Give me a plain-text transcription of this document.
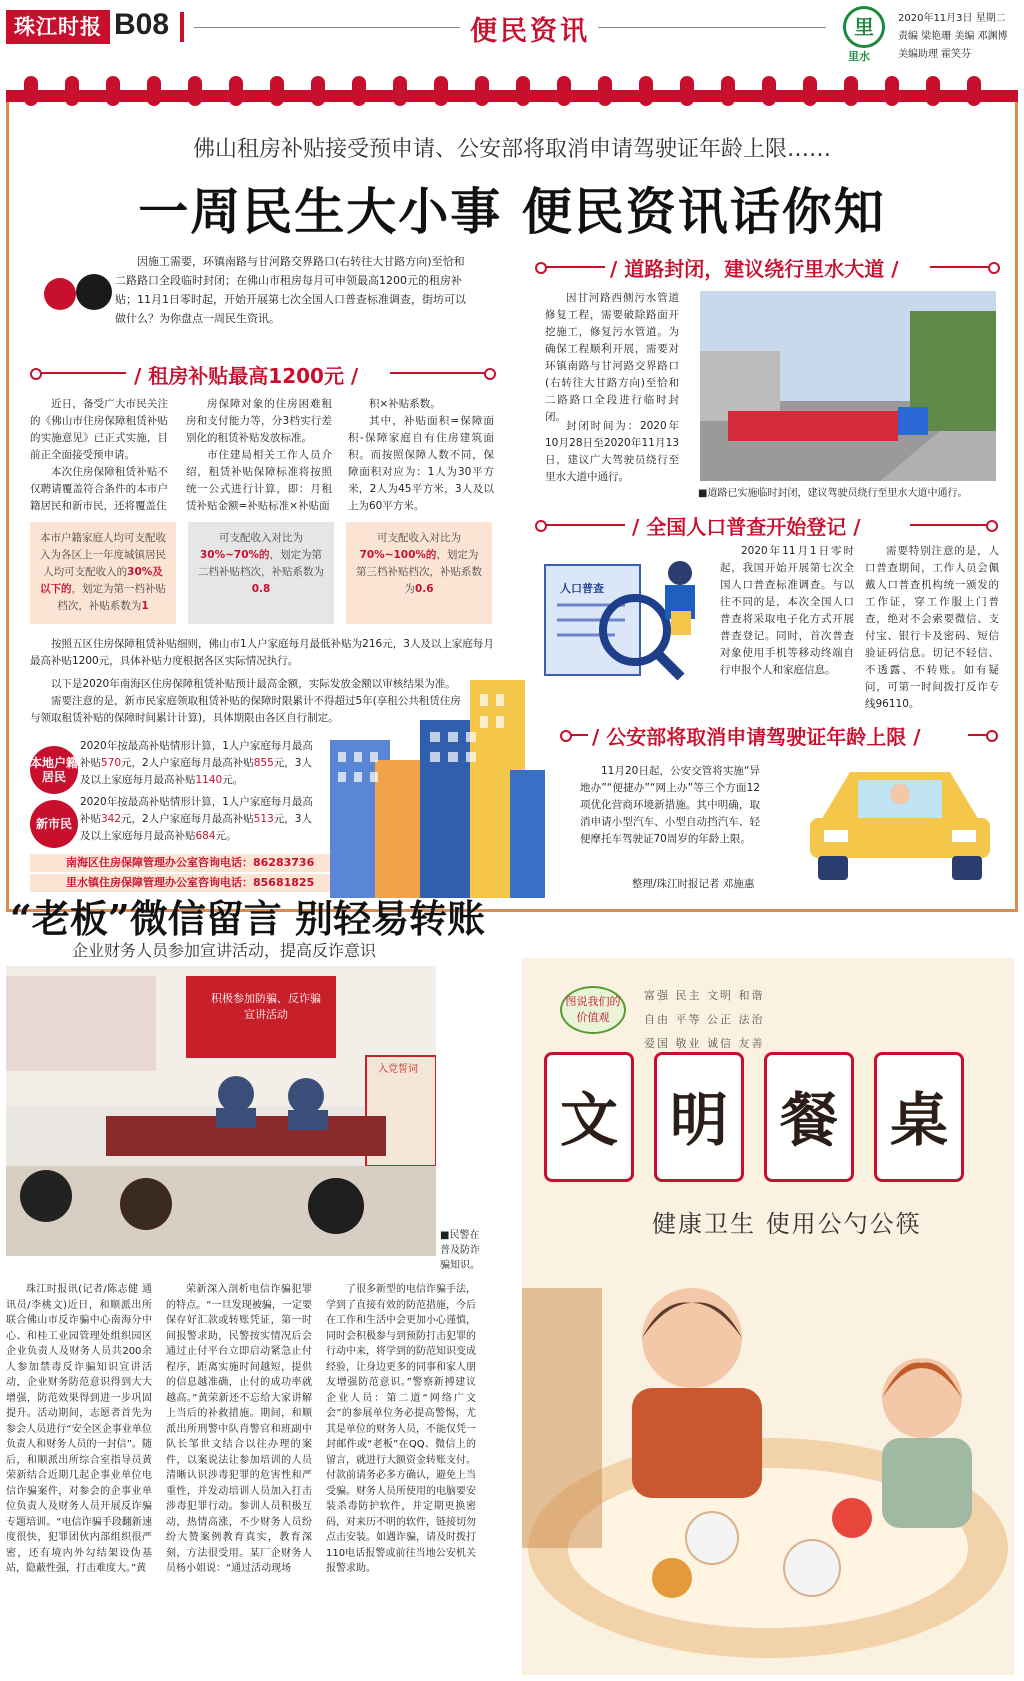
珠江时报 B08	便民资讯	里
里水
2020年11月3日 星期二
责编 梁艳珊 美编 邓渊博
美编助理 霍笑芬
佛山租房补贴接受预申请、公安部将取消申请驾驶证年龄上限……
一周民生大小事 便民资讯话你知
因施工需要，环镇南路与甘河路交界路口(右转往大甘路方向)至恰和二路路口全段临时封闭；在佛山市租房每月可申领最高1200元的租房补贴；11月1日零时起，开始开展第七次全国人口普查标准调查，街坊可以做什么？为你盘点一周民生资讯。
/ 租房补贴最高1200元 /

近日，备受广大市民关注的《佛山市住房保障租赁补贴的实施意见》已正式实施，目前正全面接受预申请。

本次住房保障租赁补贴不仅聘请覆盖符合条件的本市户籍居民和新市民，还将覆盖住

房保障对象的住房困难租房和支付能力等，分3档实行差别化的租赁补贴发放标准。

市住建局相关工作人员介绍，租赁补贴保障标准将按照统一公式进行计算，即：月租赁补贴金额=补贴标准×补贴面

积×补贴系数。

其中，补贴面积=保障面积-保障家庭自有住房建筑面积。而按照保障人数不同，保障面积对应为：1人为30平方米，2人为45平方米，3人及以上为60平方米。

本市户籍家庭人均可支配收入为各区上一年度城镇居民人均可支配收入的30%及以下的，划定为第一档补贴档次，补贴系数为1
可支配收入对比为
30%~70%的，划定为第二档补贴档次，补贴系数为0.8
可支配收入对比为
70%~100%的，划定为第三档补贴档次，补贴系数为0.6
按照五区住房保障租赁补贴细则，佛山市1人户家庭每月最低补贴为216元，3人及以上家庭每月最高补贴1200元，具体补贴力度根据各区实际情况执行。
以下是2020年南海区住房保障租赁补贴预计最高金额，实际发放金额以审核结果为准。
需要注意的是，新市民家庭领取租赁补贴的保障时限累计不得超过5年(享租公共租赁住房与领取租赁补贴的保障时间累计计算)，具体期限由各区自行制定。
本地户籍居民
2020年按最高补贴情形计算，1人户家庭每月最高补贴570元，2人户家庭每月最高补贴855元，3人及以上家庭每月最高补贴1140元。
新市民
2020年按最高补贴情形计算，1人户家庭每月最高补贴342元，2人户家庭每月最高补贴513元，3人及以上家庭每月最高补贴684元。
南海区住房保障管理办公室咨询电话：86283736
里水镇住房保障管理办公室咨询电话：85681825
/ 道路封闭，建议绕行里水大道 /

因甘河路西侧污水管道修复工程，需要破除路面开挖施工，修复污水管道。为确保工程顺利开展，需要对环镇南路与甘河路交界路口(右转往大甘路方向)至恰和二路路口全段进行临时封闭。

封闭时间为：2020年10月28日至2020年11月13日，建议广大驾驶员绕行至里水大道中通行。

■道路已实施临时封闭，建议驾驶员绕行至里水大道中通行。
/ 全国人口普查开始登记 /
人口普查

2020年11月1日零时起，我国开始开展第七次全国人口普查标准调查。与以往不同的是，本次全国人口普查将采取电子化方式开展普查登记。同时，首次普查对象使用手机等移动终端自行申报个人和家庭信息。

需要特别注意的是，人口普查期间，工作人员会佩戴人口普查机构统一颁发的工作证，穿工作服上门普查，绝对不会索要微信、支付宝、银行卡及密码、短信验证码信息。切记不轻信、不透露、不转账。如有疑问，可第一时间拨打反诈专线96110。

/ 公安部将取消申请驾驶证年龄上限 /

11月20日起，公安交管将实施“异地办”“便捷办”“网上办”等三个方面12项优化营商环境新措施。其中明确，取消申请小型汽车、小型自动挡汽车、轻便摩托车驾驶证70周岁的年龄上限。

整理/珠江时报记者 邓施惠
“老板”微信留言 别轻易转账
企业财务人员参加宣讲活动，提高反诈意识
积极参加防骗、反诈骗宣讲活动
入党誓词
■民警在普及防诈骗知识。

珠江时报讯(记者/陈志健 通讯员/李桃文)近日，和顺派出所联合佛山市反诈骗中心南海分中心、和桂工业园管理处组织园区企业负责人及财务人员共200余人参加禁毒反诈骗知识宣讲活动，企业财务防范意识得到大大增强，防范效果得到进一步巩固提升。活动期间，志愿者首先为参会人员进行“安全区企事业单位负责人和财务人员的一封信”。随后，和顺派出所综合室指导员黄荣新结合近期几起企事业单位电信诈骗案件，对参会的企事业单位负责人及财务人员开展反诈骗专题培训。“电信诈骗手段翻新速度很快，犯罪团伙内部组织很严密，还有境内外勾结架设伪基站，隐蔽性强，打击难度大。”黄

荣新深入剖析电信诈骗犯罪的特点。“一旦发现被骗，一定要保存好汇款或转账凭证，第一时间报警求助，民警按实情况后会通过止付平台立即启动紧急止付程序，距离实施时间越短，提供的信息越准确，止付的成功率就越高。”黄荣新还不忘给大家讲解上当后的补救措施。期间，和顺派出所刑警中队肖警官和班副中队长邹世文结合以往办理的案件，以案说法让参加培训的人员清晰认识涉毒犯罪的危害性和严重性，并发动培训人员加入打击涉毒犯罪行动。参训人员积极互动，热情高涨，不少财务人员纷纷大赞案例教育真实，教育深刻，方法很受用。某厂企财务人员杨小姐说：“通过活动现场

了很多新型的电信诈骗手法，学到了直接有效的防范措施，今后在工作和生活中会更加小心谨慎，同时会积极参与到预防打击犯罪的行动中来，将学到的防范知识变成经验，让身边更多的同事和家人朋友增强防范意识。”警察新搏建议企业人员：第二道“网络广文会”的参展单位务必提高警惕，尤其是单位的财务人员，不能仅凭一封邮件或“老板”在QQ、微信上的留言，就进行大额资金转账支付。付款前请务必多方确认，避免上当受骗。财务人员所使用的电脑要安装杀毒防护软件，并定期更换密码，对来历不明的软件，链接切勿点击安装。如遇诈骗，请及时拨打110电话报警或前往当地公安机关报警求助。

图说我们的价值观
富强 民主 文明 和谐
自由 平等 公正 法治
爱国 敬业 诚信 友善
文 明 餐 桌
健康卫生 使用公勺公筷
